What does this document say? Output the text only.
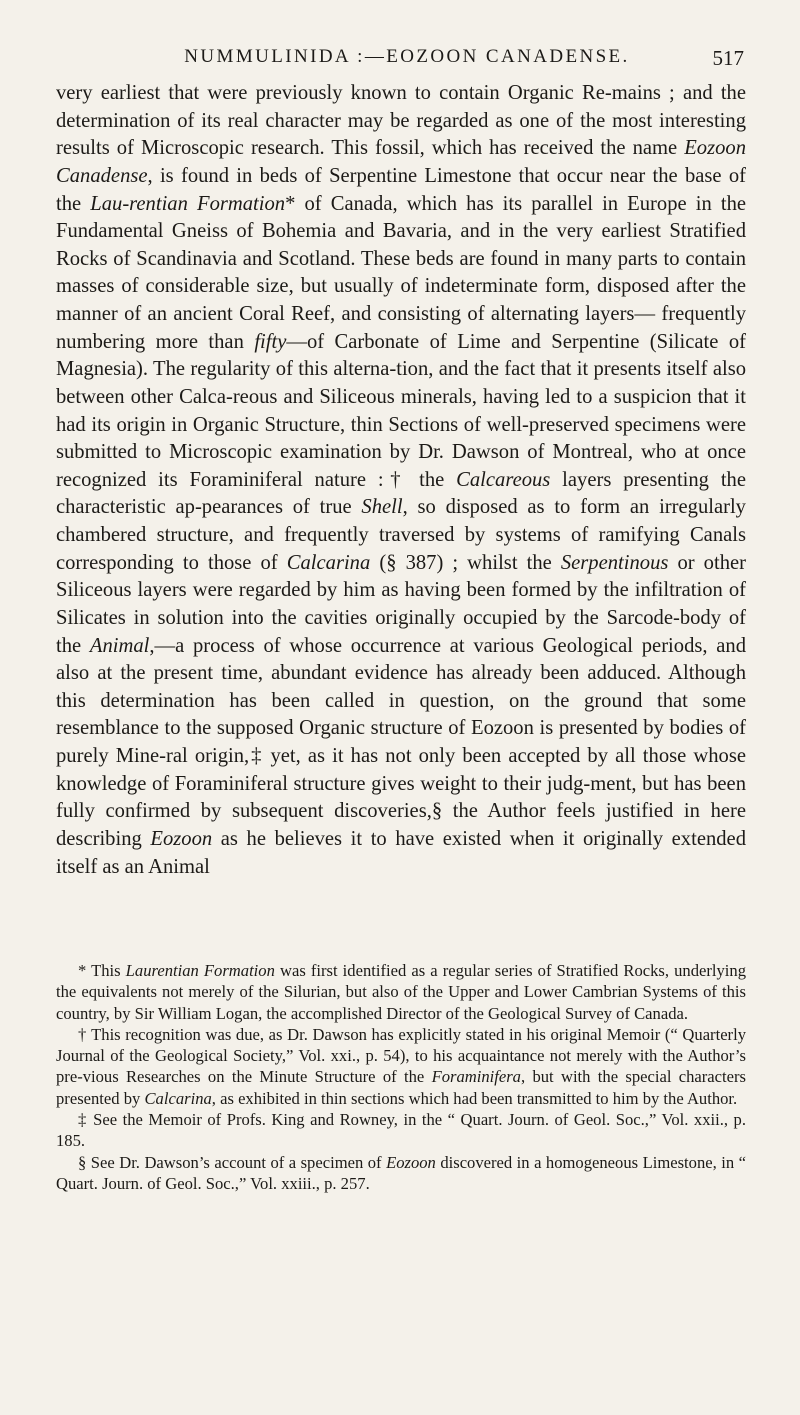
NUMMULINIDA :—EOZOON CANADENSE.	517

very earliest that were previously known to contain Organic Re-mains ; and the determination of its real character may be regarded as one of the most interesting results of Microscopic research. This fossil, which has received the name Eozoon Canadense, is found in beds of Serpentine Limestone that occur near the base of the Lau-rentian Formation* of Canada, which has its parallel in Europe in the Fundamental Gneiss of Bohemia and Bavaria, and in the very earliest Stratified Rocks of Scandinavia and Scotland. These beds are found in many parts to contain masses of considerable size, but usually of indeterminate form, disposed after the manner of an ancient Coral Reef, and consisting of alternating layers— frequently numbering more than fifty—of Carbonate of Lime and Serpentine (Silicate of Magnesia). The regularity of this alterna-tion, and the fact that it presents itself also between other Calca-reous and Siliceous minerals, having led to a suspicion that it had its origin in Organic Structure, thin Sections of well-preserved specimens were submitted to Microscopic examination by Dr. Dawson of Montreal, who at once recognized its Foraminiferal nature :† the Calcareous layers presenting the characteristic ap-pearances of true Shell, so disposed as to form an irregularly chambered structure, and frequently traversed by systems of ramifying Canals corresponding to those of Calcarina (§ 387) ; whilst the Serpentinous or other Siliceous layers were regarded by him as having been formed by the infiltration of Silicates in solution into the cavities originally occupied by the Sarcode-body of the Animal,—a process of whose occurrence at various Geological periods, and also at the present time, abundant evidence has already been adduced. Although this determination has been called in question, on the ground that some resemblance to the supposed Organic structure of Eozoon is presented by bodies of purely Mine-ral origin,‡ yet, as it has not only been accepted by all those whose knowledge of Foraminiferal structure gives weight to their judg-ment, but has been fully confirmed by subsequent discoveries,§ the Author feels justified in here describing Eozoon as he believes it to have existed when it originally extended itself as an Animal

* This Laurentian Formation was first identified as a regular series of Stratified Rocks, underlying the equivalents not merely of the Silurian, but also of the Upper and Lower Cambrian Systems of this country, by Sir William Logan, the accomplished Director of the Geological Survey of Canada.

† This recognition was due, as Dr. Dawson has explicitly stated in his original Memoir (“ Quarterly Journal of the Geological Society,” Vol. xxi., p. 54), to his acquaintance not merely with the Author’s pre-vious Researches on the Minute Structure of the Foraminifera, but with the special characters presented by Calcarina, as exhibited in thin sections which had been transmitted to him by the Author.

‡ See the Memoir of Profs. King and Rowney, in the “ Quart. Journ. of Geol. Soc.,” Vol. xxii., p. 185.

§ See Dr. Dawson’s account of a specimen of Eozoon discovered in a homogeneous Limestone, in “ Quart. Journ. of Geol. Soc.,” Vol. xxiii., p. 257.
